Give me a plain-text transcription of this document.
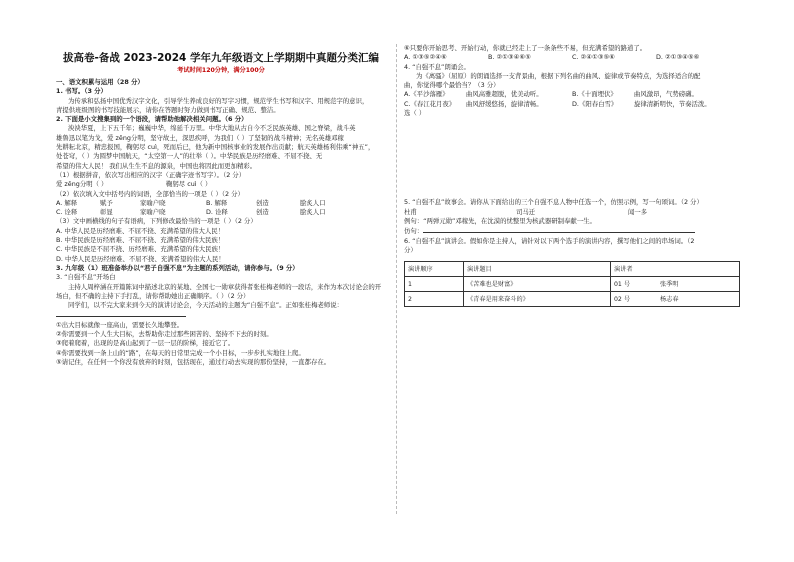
拔高卷-备战 2023-2024 学年九年级语文上学期期中真题分类汇编
考试时间120分钟，满分100分
一、语文积累与运用（28 分）
1. 书写。（3 分）
为传承和弘扬中国优秀汉字文化，引导学生养成良好的写字习惯，规范学生书写和汉字、用规范字的意识，
青提供班级图的书写技能展示，请你在答题时努力做到书写正确、规范、整洁。
2. 下面是小文搜集到的一个语段，请帮助他解决相关问题。（6 分）
泱泱华夏，上下五千年；巍巍中华，绵延千万里。中华大地从古自今不乏民族英雄、国之脊梁，战斗英
雄鲁迅以笔为戈，爱 zēng分明，坚守故土，深思疾呼，为我们（ ）了坚韧的战斗精神；无名英雄邓稼
先耕耘北京，精忠报国，鞠躬尽 cuì，死而后已，他为新中国核事业的发展作出贡献；航天英雄杨利伟乘“神五”，
处苍穹，（ ）为圆梦中国航天，“太空第一人”的壮举（ ）。中华民族是历经磨难、不屈不挠、无
希望的伟大人民！ 我们从生生不息的源泉，中国也将因此而更加精彩。
（1）根据拼音，依次写出相应的汉字（正确字迹书写字）。（2 分）
爱 zēng分明（ ）	鞠躬尽 cuì（ ）
（2）依次填入文中括号内的词语，全部恰当的一项是（ ）（2 分）
A. 解释	赋予	家喻户晓	B. 解释	创造	脍炙人口
C. 诠释	彰显	家喻户晓	D. 诠释	创造	脍炙人口
（3）文中画横线的句子有语病，下列修改最恰当的一项是（ ）（2 分）
A. 中华人民是历经磨难、不屈不挠、充满希望的伟大人民！
B. 中华民族是历经磨难、不屈不挠、充满希望的伟大民族！
C. 中华民族是不屈不挠、历经磨难、充满希望的伟大民族！
D. 中华人民是历经磨难、不屈不挠、充满希望的伟大人民！
3. 九年级（1）班准备举办以“君子自强不息”为主题的系列活动，请你参与。（9 分）
3. “自强不息”开场白
主持人周梓涵在开篇陈词中描述北京的某地、全国七一勋章获得者张桂梅老师的一段话，来作为本次讨论会的开
场白，但不确的主持下手打乱，请你帮助她出正确顺序。（ ）（2 分）
同学们，以不完大家来到今天的演讲讨论会，今天活动的主题为“自强不息”。正如张桂梅老师说：
①出大目标就像一座高山，需要长久地攀登。
②你需要到一个人生大目标，去帮助你走过那些困苦的、坚持不下去的时刻。
③爬着爬着，出现的是高山起到了一层一层的阶梯，接近它了。
④你需要找到一条上山的“路”，在每天的日常里完成一个小目标，一步步扎实地往上爬。
⑤请记住，在任何一个你没有放弃的时刻，包括现在，通过行动去实现的那份坚持，一直都存在。
⑥只要你开始思考、开始行动，你就已经走上了一条条些不易，但充满希望的路道了。
A. ①③⑤②④⑥	B. ②①③④⑥⑤	C. ②④①③⑤⑥	D. ②①③④⑤⑥
4. “自强不息”朗诵会。
为《离骚》（屈原）的朗诵选择一支背景曲，根据下列名曲的曲风、旋律或节奏特点，为选择适合的配
曲，你觉得哪个最恰当？（3 分）
A.《平沙落雁》	曲风高雅超脱，优美动听。	B.《十面埋伏》	曲风激昂，气势磅礴。
C.《春江花月夜》	曲风舒缓悠扬，旋律清畅。	D.《阳春白雪》	旋律清新明快，节奏活泼。
选（ ）
5. “自强不息”故事会。请你从下面给出的三个自强不息人物中任选一个，仿照示例，写一句颂词。（2 分）
杜甫	司马迁	闻一多
例句：“两弹元勋”邓稼先，在沈漠的忧整里为核武器研制奉献一生。
仿句：
6. “自强不息”演讲会。假如你是主持人，请针对以下两个选手的演讲内容，撰写他们之间的串场词。（2
分）
演讲顺序	演讲题目	演讲者	
1	《苦难也是财富》	01 号	张季明
2	《青春是用来奋斗的》	02 号	杨志春
